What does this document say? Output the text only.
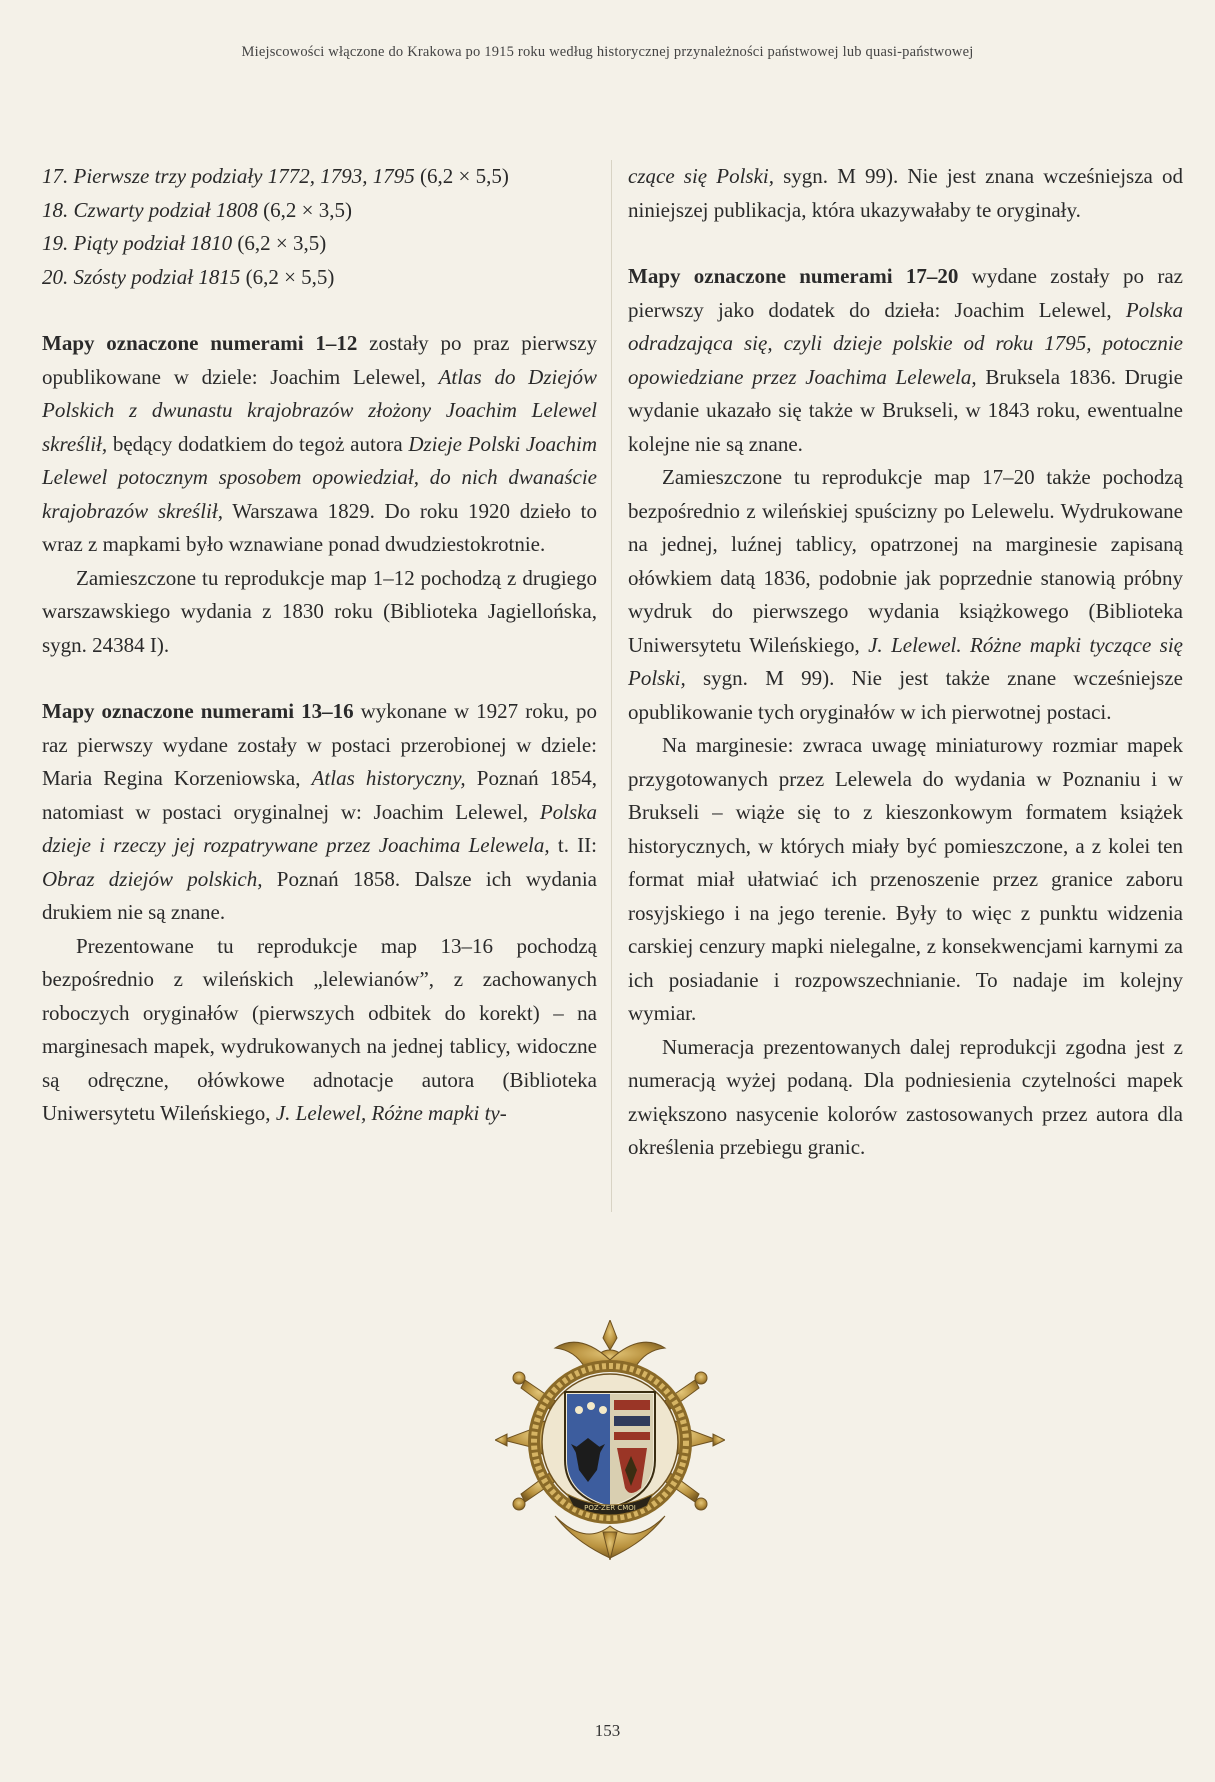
Miejscowości włączone do Krakowa po 1915 roku według historycznej przynależności państwowej lub quasi-państwowej
17. Pierwsze trzy podziały 1772, 1793, 1795 (6,2 × 5,5)
18. Czwarty podział 1808 (6,2 × 3,5)
19. Piąty podział 1810 (6,2 × 3,5)
20. Szósty podział 1815 (6,2 × 5,5)

Mapy oznaczone numerami 1–12 zostały po praz pierwszy opublikowane w dziele: Joachim Lelewel, Atlas do Dziejów Polskich z dwunastu krajobrazów złożony Joachim Lelewel skreślił, będący dodatkiem do tegoż autora Dzieje Polski Joachim Lelewel potocznym sposobem opowiedział, do nich dwanaście krajobrazów skreślił, Warszawa 1829. Do roku 1920 dzieło to wraz z mapkami było wznawiane ponad dwudziestokrotnie.

Zamieszczone tu reprodukcje map 1–12 pochodzą z drugiego warszawskiego wydania z 1830 roku (Biblioteka Jagiellońska, sygn. 24384 I).

Mapy oznaczone numerami 13–16 wykonane w 1927 roku, po raz pierwszy wydane zostały w postaci przerobionej w dziele: Maria Regina Korzeniowska, Atlas historyczny, Poznań 1854, natomiast w postaci oryginalnej w: Joachim Lelewel, Polska dzieje i rzeczy jej rozpatrywane przez Joachima Lelewela, t. II: Obraz dziejów polskich, Poznań 1858. Dalsze ich wydania drukiem nie są znane.

Prezentowane tu reprodukcje map 13–16 pochodzą bezpośrednio z wileńskich „lelewianów”, z zachowanych roboczych oryginałów (pierwszych odbitek do korekt) – na marginesach mapek, wydrukowanych na jednej tablicy, widoczne są odręczne, ołówkowe adnotacje autora (Biblioteka Uniwersytetu Wileńskiego, J. Lelewel, Różne mapki ty-

czące się Polski, sygn. M 99). Nie jest znana wcześniejsza od niniejszej publikacja, która ukazywałaby te oryginały.

Mapy oznaczone numerami 17–20 wydane zostały po raz pierwszy jako dodatek do dzieła: Joachim Lelewel, Polska odradzająca się, czyli dzieje polskie od roku 1795, potocznie opowiedziane przez Joachima Lelewela, Bruksela 1836. Drugie wydanie ukazało się także w Brukseli, w 1843 roku, ewentualne kolejne nie są znane.

Zamieszczone tu reprodukcje map 17–20 także pochodzą bezpośrednio z wileńskiej spuścizny po Lelewelu. Wydrukowane na jednej, luźnej tablicy, opatrzonej na marginesie zapisaną ołówkiem datą 1836, podobnie jak poprzednie stanowią próbny wydruk do pierwszego wydania książkowego (Biblioteka Uniwersytetu Wileńskiego, J. Lelewel. Różne mapki tyczące się Polski, sygn. M 99). Nie jest także znane wcześniejsze opublikowanie tych oryginałów w ich pierwotnej postaci.

Na marginesie: zwraca uwagę miniaturowy rozmiar mapek przygotowanych przez Lelewela do wydania w Poznaniu i w Brukseli – wiąże się to z kieszonkowym formatem książek historycznych, w których miały być pomieszczone, a z kolei ten format miał ułatwiać ich przenoszenie przez granice zaboru rosyjskiego i na jego terenie. Były to więc z punktu widzenia carskiej cenzury mapki nielegalne, z konsekwencjami karnymi za ich posiadanie i rozpowszechnianie. To nadaje im kolejny wymiar.

Numeracja prezentowanych dalej reprodukcji zgodna jest z numeracją wyżej podaną. Dla podniesienia czytelności mapek zwiększono nasycenie kolorów zastosowanych przez autora dla określenia przebiegu granic.

POZ-ZER CMOI
153
